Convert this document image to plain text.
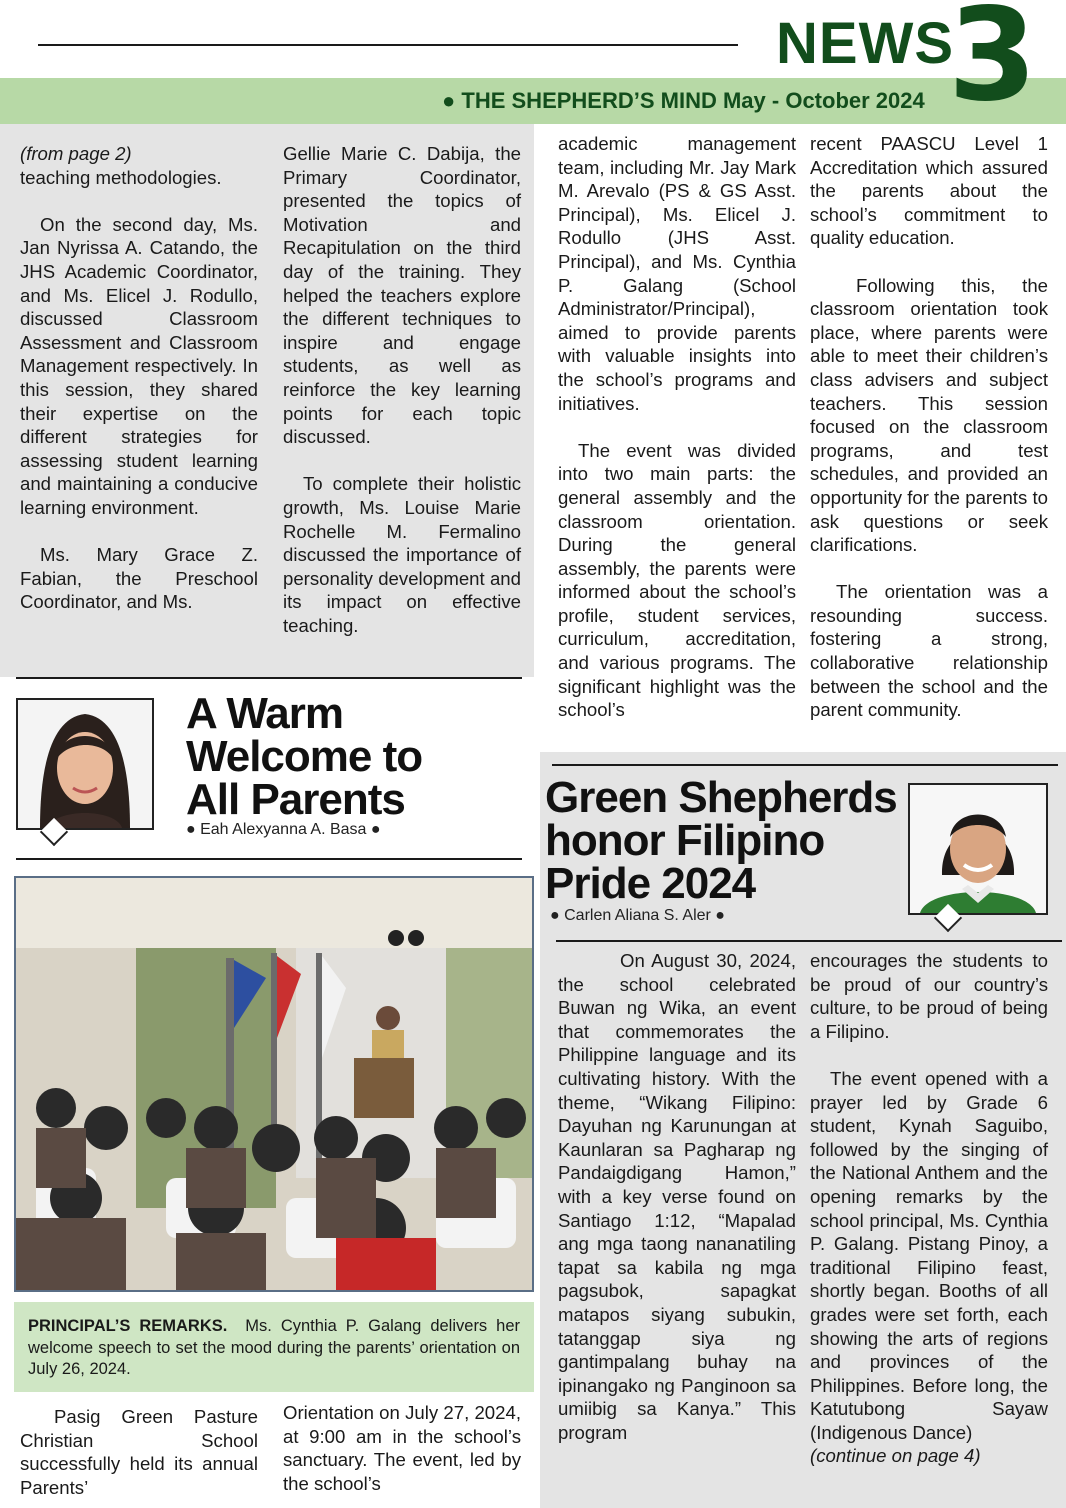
NEWS
3
● THE SHEPHERD’S MIND May - October 2024

(from page 2)

teaching methodologies.

On the second day, Ms. Jan Nyrissa A. Catando, the JHS Academic Coordinator, and Ms. Elicel J. Rodullo, discussed Classroom Assessment and Classroom Management respectively. In this session, they shared their expertise on the different strategies for assessing student learning and maintaining a conducive learning environment.

Ms. Mary Grace Z. Fabian, the Preschool Coordinator, and Ms.

Gellie Marie C. Dabija, the Primary Coordinator, presented the topics of Motivation and Recapitulation on the third day of the training. They helped the teachers explore the different techniques to inspire and engage students, as well as reinforce the key learning points for each topic discussed.

To complete their holistic growth, Ms. Louise Marie Rochelle M. Fermalino discussed the importance of personality development and its impact on effective teaching.

A Warm
Welcome to
All Parents
● Eah Alexyanna A. Basa ●
PRINCIPAL’S REMARKS. Ms. Cynthia P. Galang delivers her welcome speech to set the mood during the parents’ orientation on July 26, 2024.

Pasig Green Pasture Christian School successfully held its annual Parents’

Orientation on July 27, 2024, at 9:00 am in the school’s sanctuary. The event, led by the school’s

academic management team, including Mr. Jay Mark M. Arevalo (PS & GS Asst. Principal), Ms. Elicel J. Rodullo (JHS Asst. Principal), and Ms. Cynthia P. Galang (School Administrator/Principal), aimed to provide parents with valuable insights into the school’s programs and initiatives.

The event was divided into two main parts: the general assembly and the classroom orientation. During the general assembly, the parents were informed about the school’s profile, student services, curriculum, accreditation, and various programs. The significant highlight was the school’s

recent PAASCU Level 1 Accreditation which assured the parents about the school’s commitment to quality education.

Following this, the classroom orientation took place, where parents were able to meet their children’s class advisers and subject teachers. This session focused on the classroom programs, and test schedules, and provided an opportunity for the parents to ask questions or seek clarifications.

The orientation was a resounding success. fostering a strong, collaborative relationship between the school and the parent community.

Green Shepherds
honor Filipino
Pride 2024
● Carlen Aliana S. Aler ●

On August 30, 2024, the school celebrated Buwan ng Wika, an event that commemorates the Philippine language and its cultivating history. With the theme, “Wikang Filipino: Dayuhan ng Karunungan at Kaunlaran sa Pagharap ng Pandaigdigang Hamon,” with a key verse found on Santiago 1:12, “Mapalad ang mga taong nananatiling tapat sa kabila ng mga pagsubok, sapagkat matapos siyang subukin, tatanggap siya ng gantimpalang buhay na ipinangako ng Panginoon sa umiibig sa Kanya.” This program

encourages the students to be proud of our country’s culture, to be proud of being a Filipino.

The event opened with a prayer led by Grade 6 student, Kynah Saguibo, followed by the singing of the National Anthem and the opening remarks by the school principal, Ms. Cynthia P. Galang. Pistang Pinoy, a traditional Filipino feast, shortly began. Booths of all grades were set forth, each showing the arts of regions and provinces of the Philippines. Before long, the Katutubong Sayaw (Indigenous Dance)

(continue on page 4)
